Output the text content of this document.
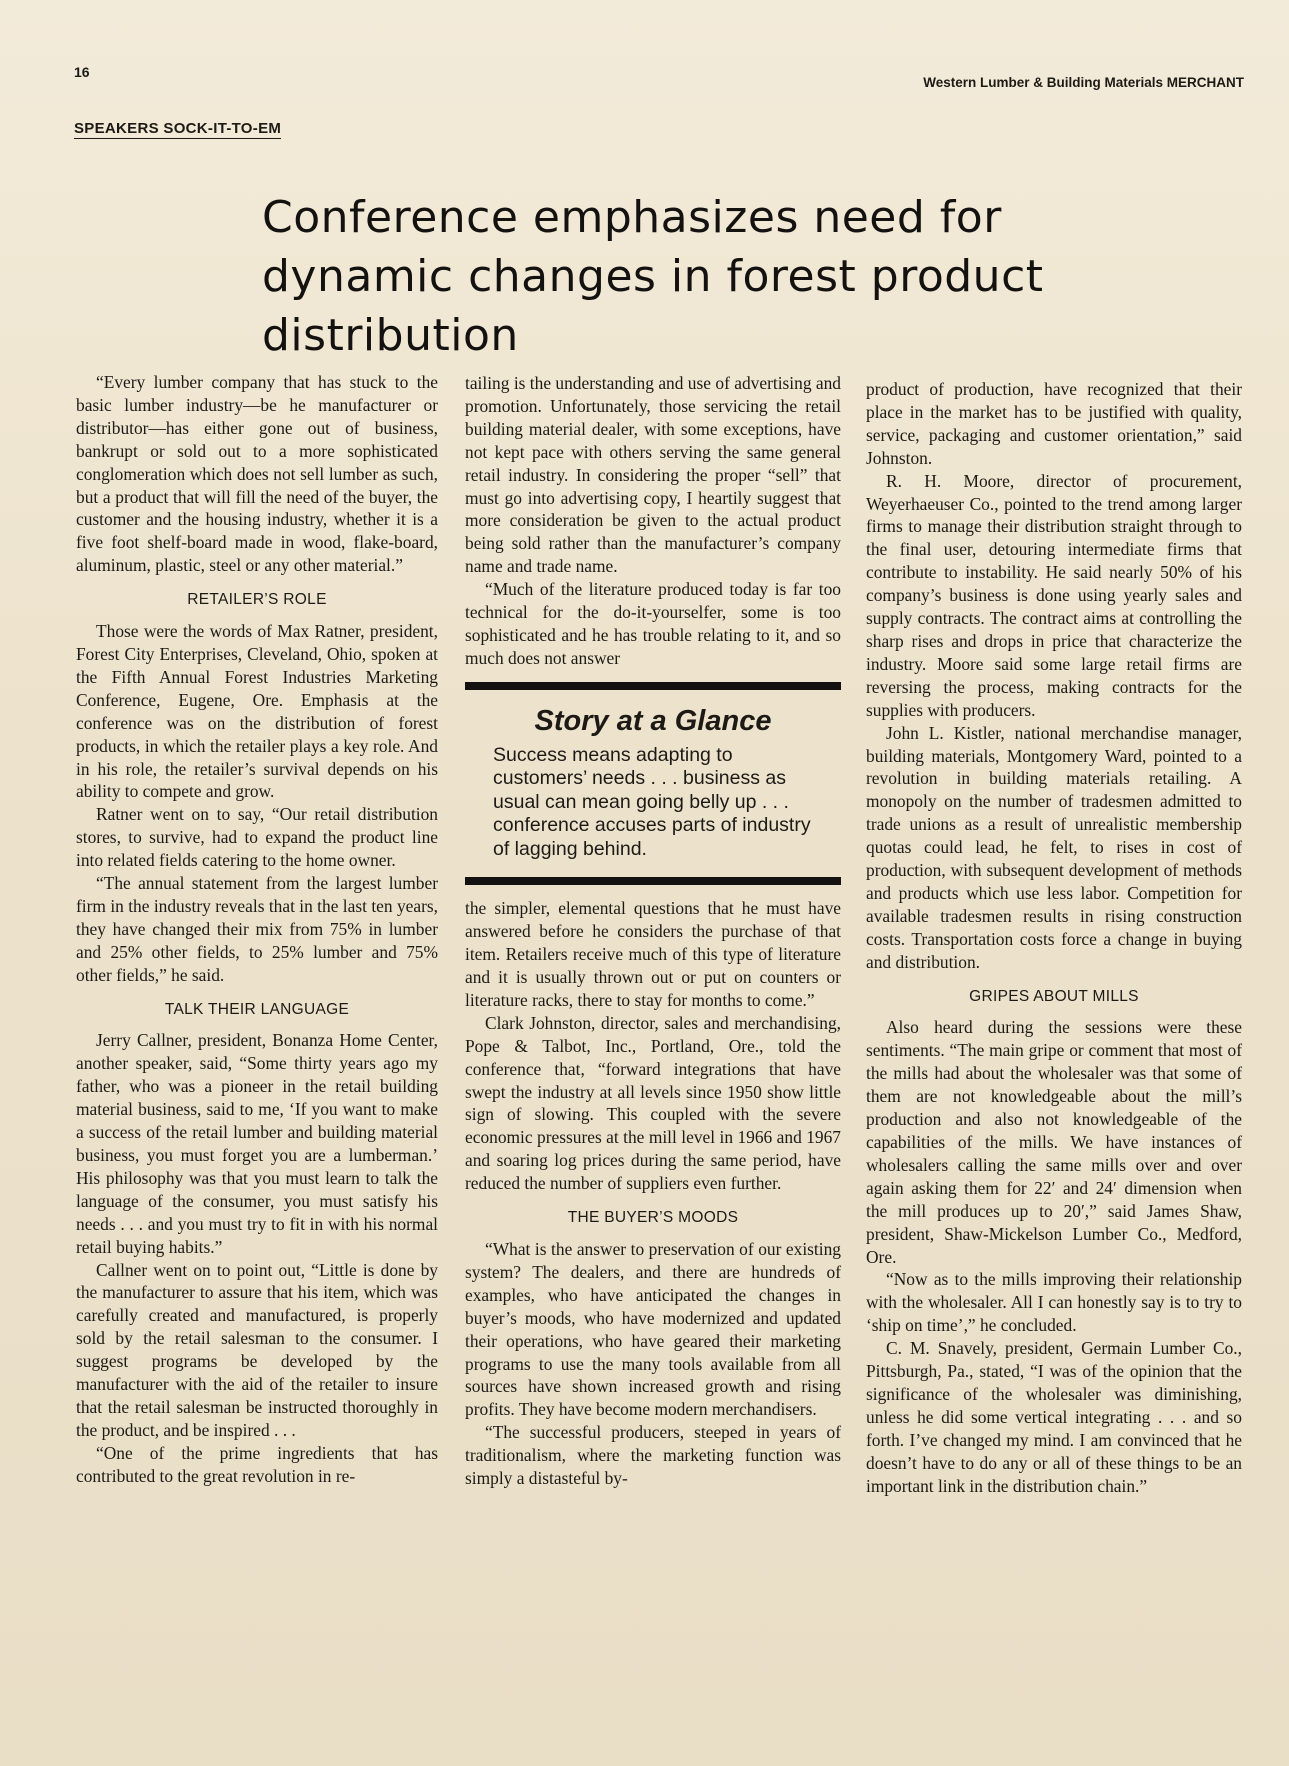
16
Western Lumber & Building Materials MERCHANT
SPEAKERS SOCK-IT-TO-EM
Conference emphasizes need for dynamic changes in forest product distribution

“Every lumber company that has stuck to the basic lumber industry—be he manufacturer or distributor—has either gone out of business, bankrupt or sold out to a more sophisticated conglomeration which does not sell lumber as such, but a product that will fill the need of the buyer, the customer and the housing industry, whether it is a five foot shelf-board made in wood, flake-board, aluminum, plastic, steel or any other material.”

RETAILER’S ROLE

Those were the words of Max Ratner, president, Forest City Enterprises, Cleveland, Ohio, spoken at the Fifth Annual Forest Industries Marketing Conference, Eugene, Ore. Emphasis at the conference was on the distribution of forest products, in which the retailer plays a key role. And in his role, the retailer’s survival depends on his ability to compete and grow.

Ratner went on to say, “Our retail distribution stores, to survive, had to expand the product line into related fields catering to the home owner.

“The annual statement from the largest lumber firm in the industry reveals that in the last ten years, they have changed their mix from 75% in lumber and 25% other fields, to 25% lumber and 75% other fields,” he said.

TALK THEIR LANGUAGE

Jerry Callner, president, Bonanza Home Center, another speaker, said, “Some thirty years ago my father, who was a pioneer in the retail building material business, said to me, ‘If you want to make a success of the retail lumber and building material business, you must forget you are a lumberman.’ His philosophy was that you must learn to talk the language of the consumer, you must satisfy his needs . . . and you must try to fit in with his normal retail buying habits.”

Callner went on to point out, “Little is done by the manufacturer to assure that his item, which was carefully created and manufactured, is properly sold by the retail salesman to the consumer. I suggest programs be developed by the manufacturer with the aid of the retailer to insure that the retail salesman be instructed thoroughly in the product, and be inspired . . .

“One of the prime ingredients that has contributed to the great revolution in re-

tailing is the understanding and use of advertising and promotion. Unfortunately, those servicing the retail building material dealer, with some exceptions, have not kept pace with others serving the same general retail industry. In considering the proper “sell” that must go into advertising copy, I heartily suggest that more consideration be given to the actual product being sold rather than the manufacturer’s company name and trade name.

“Much of the literature produced today is far too technical for the do-it-yourselfer, some is too sophisticated and he has trouble relating to it, and so much does not answer

Story at a Glance
Success means adapting to customers’ needs . . . business as usual can mean going belly up . . . conference accuses parts of industry of lagging behind.

the simpler, elemental questions that he must have answered before he considers the purchase of that item. Retailers receive much of this type of literature and it is usually thrown out or put on counters or literature racks, there to stay for months to come.”

Clark Johnston, director, sales and merchandising, Pope & Talbot, Inc., Portland, Ore., told the conference that, “forward integrations that have swept the industry at all levels since 1950 show little sign of slowing. This coupled with the severe economic pressures at the mill level in 1966 and 1967 and soaring log prices during the same period, have reduced the number of suppliers even further.

THE BUYER’S MOODS

“What is the answer to preservation of our existing system? The dealers, and there are hundreds of examples, who have anticipated the changes in buyer’s moods, who have modernized and updated their operations, who have geared their marketing programs to use the many tools available from all sources have shown increased growth and rising profits. They have become modern merchandisers.

“The successful producers, steeped in years of traditionalism, where the marketing function was simply a distasteful by-

product of production, have recognized that their place in the market has to be justified with quality, service, packaging and customer orientation,” said Johnston.

R. H. Moore, director of procurement, Weyerhaeuser Co., pointed to the trend among larger firms to manage their distribution straight through to the final user, detouring intermediate firms that contribute to instability. He said nearly 50% of his company’s business is done using yearly sales and supply contracts. The contract aims at controlling the sharp rises and drops in price that characterize the industry. Moore said some large retail firms are reversing the process, making contracts for the supplies with producers.

John L. Kistler, national merchandise manager, building materials, Montgomery Ward, pointed to a revolution in building materials retailing. A monopoly on the number of tradesmen admitted to trade unions as a result of unrealistic membership quotas could lead, he felt, to rises in cost of production, with subsequent development of methods and products which use less labor. Competition for available tradesmen results in rising construction costs. Transportation costs force a change in buying and distribution.

GRIPES ABOUT MILLS

Also heard during the sessions were these sentiments. “The main gripe or comment that most of the mills had about the wholesaler was that some of them are not knowledgeable about the mill’s production and also not knowledgeable of the capabilities of the mills. We have instances of wholesalers calling the same mills over and over again asking them for 22′ and 24′ dimension when the mill produces up to 20′,” said James Shaw, president, Shaw-Mickelson Lumber Co., Medford, Ore.

“Now as to the mills improving their relationship with the wholesaler. All I can honestly say is to try to ‘ship on time’,” he concluded.

C. M. Snavely, president, Germain Lumber Co., Pittsburgh, Pa., stated, “I was of the opinion that the significance of the wholesaler was diminishing, unless he did some vertical integrating . . . and so forth. I’ve changed my mind. I am convinced that he doesn’t have to do any or all of these things to be an important link in the distribution chain.”
